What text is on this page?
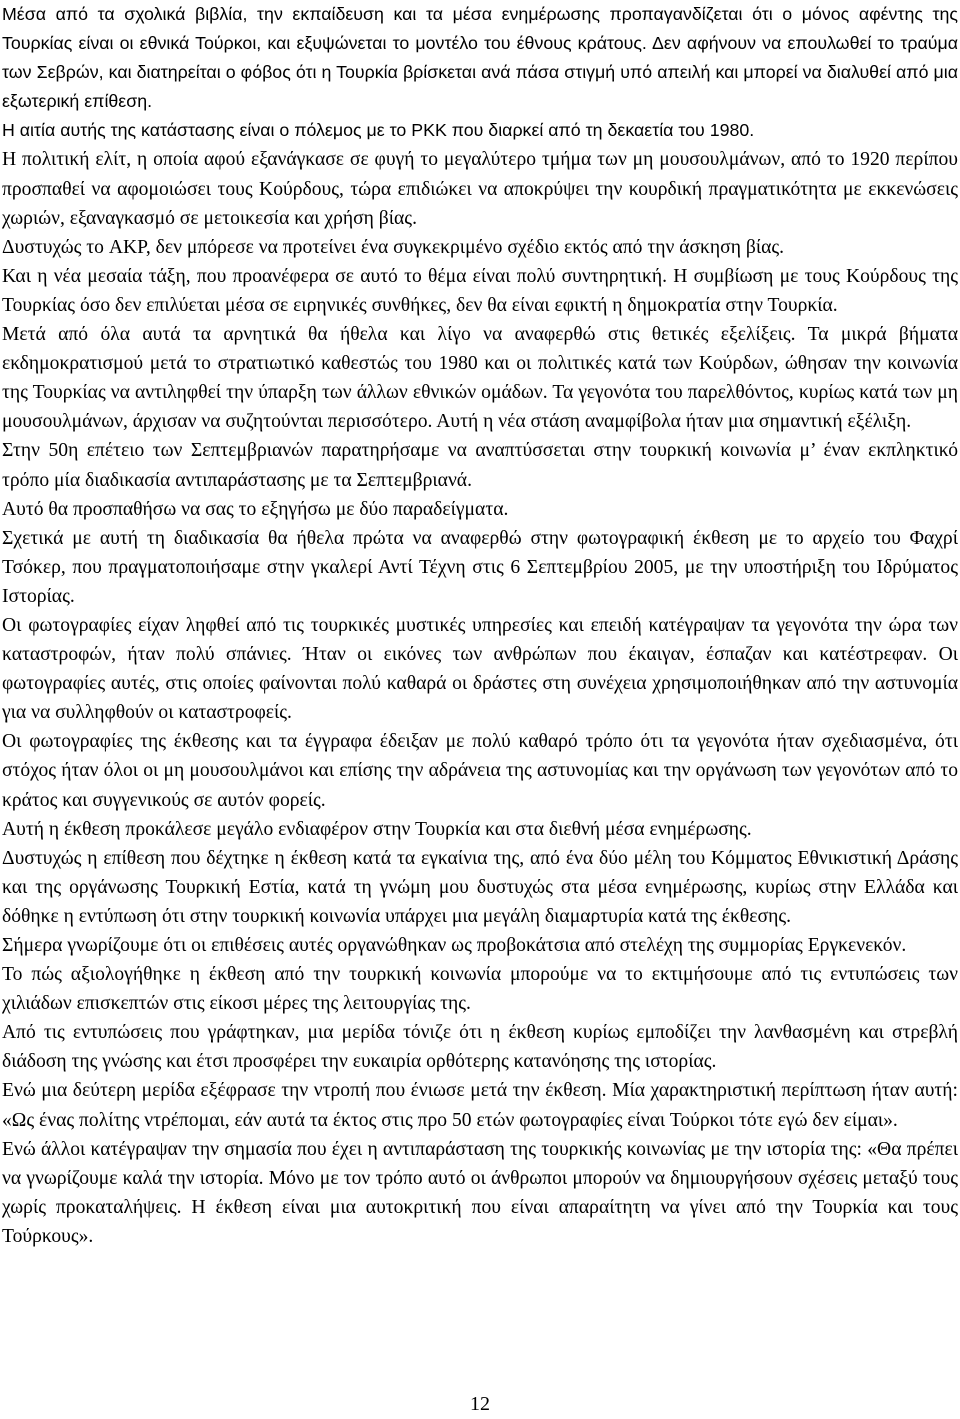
Μέσα από τα σχολικά βιβλία, την εκπαίδευση και τα μέσα ενημέρωσης προπαγανδίζεται ότι ο μόνος αφέντης της Τουρκίας είναι οι εθνικά Τούρκοι, και εξυψώνεται το μοντέλο του έθνους κράτους. Δεν αφήνουν να επουλωθεί το τραύμα των Σεβρών, και διατηρείται ο φόβος ότι η Τουρκία βρίσκεται ανά πάσα στιγμή υπό απειλή και μπορεί να διαλυθεί από μια εξωτερική επίθεση.

Η αιτία αυτής της κατάστασης είναι ο πόλεμος με το PKK που διαρκεί από τη δεκαετία του 1980.

Η πολιτική ελίτ, η οποία αφού εξανάγκασε σε φυγή το μεγαλύτερο τμήμα των μη μουσουλμάνων, από το 1920 περίπου προσπαθεί να αφομοιώσει τους Κούρδους, τώρα επιδιώκει να αποκρύψει την κουρδική πραγματικότητα με εκκενώσεις χωριών, εξαναγκασμό σε μετοικεσία και χρήση βίας.

Δυστυχώς το AKP, δεν μπόρεσε να προτείνει ένα συγκεκριμένο σχέδιο εκτός από την άσκηση βίας.

Και η νέα μεσαία τάξη, που προανέφερα σε αυτό το θέμα είναι πολύ συντηρητική. Η συμβίωση με τους Κούρδους της Τουρκίας όσο δεν επιλύεται μέσα σε ειρηνικές συνθήκες, δεν θα είναι εφικτή η δημοκρατία στην Τουρκία.

Μετά από όλα αυτά τα αρνητικά θα ήθελα και λίγο να αναφερθώ στις θετικές εξελίξεις. Τα μικρά βήματα εκδημοκρατισμού μετά το στρατιωτικό καθεστώς του 1980 και οι πολιτικές κατά των Κούρδων, ώθησαν την κοινωνία της Τουρκίας να αντιληφθεί την ύπαρξη των άλλων εθνικών ομάδων. Τα γεγονότα του παρελθόντος, κυρίως κατά των μη μουσουλμάνων, άρχισαν να συζητούνται περισσότερο. Αυτή η νέα στάση αναμφίβολα ήταν μια σημαντική εξέλιξη.

Στην 50η επέτειο των Σεπτεμβριανών παρατηρήσαμε να αναπτύσσεται στην τουρκική κοινωνία μ’ έναν εκπληκτικό τρόπο μία διαδικασία αντιπαράστασης με τα Σεπτεμβριανά.

Αυτό θα προσπαθήσω να σας το εξηγήσω με δύο παραδείγματα.

Σχετικά με αυτή τη διαδικασία θα ήθελα πρώτα να αναφερθώ στην φωτογραφική έκθεση με το αρχείο του Φαχρί Τσόκερ, που πραγματοποιήσαμε στην γκαλερί Αντί Τέχνη στις 6 Σεπτεμβρίου 2005, με την υποστήριξη του Ιδρύματος Ιστορίας.

Οι φωτογραφίες είχαν ληφθεί από τις τουρκικές μυστικές υπηρεσίες και επειδή κατέγραψαν τα γεγονότα την ώρα των καταστροφών, ήταν πολύ σπάνιες. Ήταν οι εικόνες των ανθρώπων που έκαιγαν, έσπαζαν και κατέστρεφαν. Οι φωτογραφίες αυτές, στις οποίες φαίνονται πολύ καθαρά οι δράστες στη συνέχεια χρησιμοποιήθηκαν από την αστυνομία για να συλληφθούν οι καταστροφείς.

Οι φωτογραφίες της έκθεσης και τα έγγραφα έδειξαν με πολύ καθαρό τρόπο ότι τα γεγονότα ήταν σχεδιασμένα, ότι στόχος ήταν όλοι οι μη μουσουλμάνοι και επίσης την αδράνεια της αστυνομίας και την οργάνωση των γεγονότων από το κράτος και συγγενικούς σε αυτόν φορείς.

Αυτή η έκθεση προκάλεσε μεγάλο ενδιαφέρον στην Τουρκία και στα διεθνή μέσα ενημέρωσης.

Δυστυχώς η επίθεση που δέχτηκε η έκθεση κατά τα εγκαίνια της, από ένα δύο μέλη του Κόμματος Εθνικιστική Δράσης και της οργάνωσης Τουρκική Εστία, κατά τη γνώμη μου δυστυχώς στα μέσα ενημέρωσης, κυρίως στην Ελλάδα και δόθηκε η εντύπωση ότι στην τουρκική κοινωνία υπάρχει μια μεγάλη διαμαρτυρία κατά της έκθεσης.

Σήμερα γνωρίζουμε ότι οι επιθέσεις αυτές οργανώθηκαν ως προβοκάτσια από στελέχη της συμμορίας Εργκενεκόν.

Το πώς αξιολογήθηκε η έκθεση από την τουρκική κοινωνία μπορούμε να το εκτιμήσουμε από τις εντυπώσεις των χιλιάδων επισκεπτών στις είκοσι μέρες της λειτουργίας της.

Από τις εντυπώσεις που γράφτηκαν, μια μερίδα τόνιζε ότι η έκθεση κυρίως εμποδίζει την λανθασμένη και στρεβλή διάδοση της γνώσης και έτσι προσφέρει την ευκαιρία ορθότερης κατανόησης της ιστορίας.

Ενώ μια δεύτερη μερίδα εξέφρασε την ντροπή που ένιωσε μετά την έκθεση. Μία χαρακτηριστική περίπτωση ήταν αυτή: «Ως ένας πολίτης ντρέπομαι, εάν αυτά τα έκτος στις προ 50 ετών φωτογραφίες είναι Τούρκοι τότε εγώ δεν είμαι».

Ενώ άλλοι κατέγραψαν την σημασία που έχει η αντιπαράσταση της τουρκικής κοινωνίας με την ιστορία της: «Θα πρέπει να γνωρίζουμε καλά την ιστορία. Μόνο με τον τρόπο αυτό οι άνθρωποι μπορούν να δημιουργήσουν σχέσεις μεταξύ τους χωρίς προκαταλήψεις. Η έκθεση είναι μια αυτοκριτική που είναι απαραίτητη να γίνει από την Τουρκία και τους Τούρκους».

12
